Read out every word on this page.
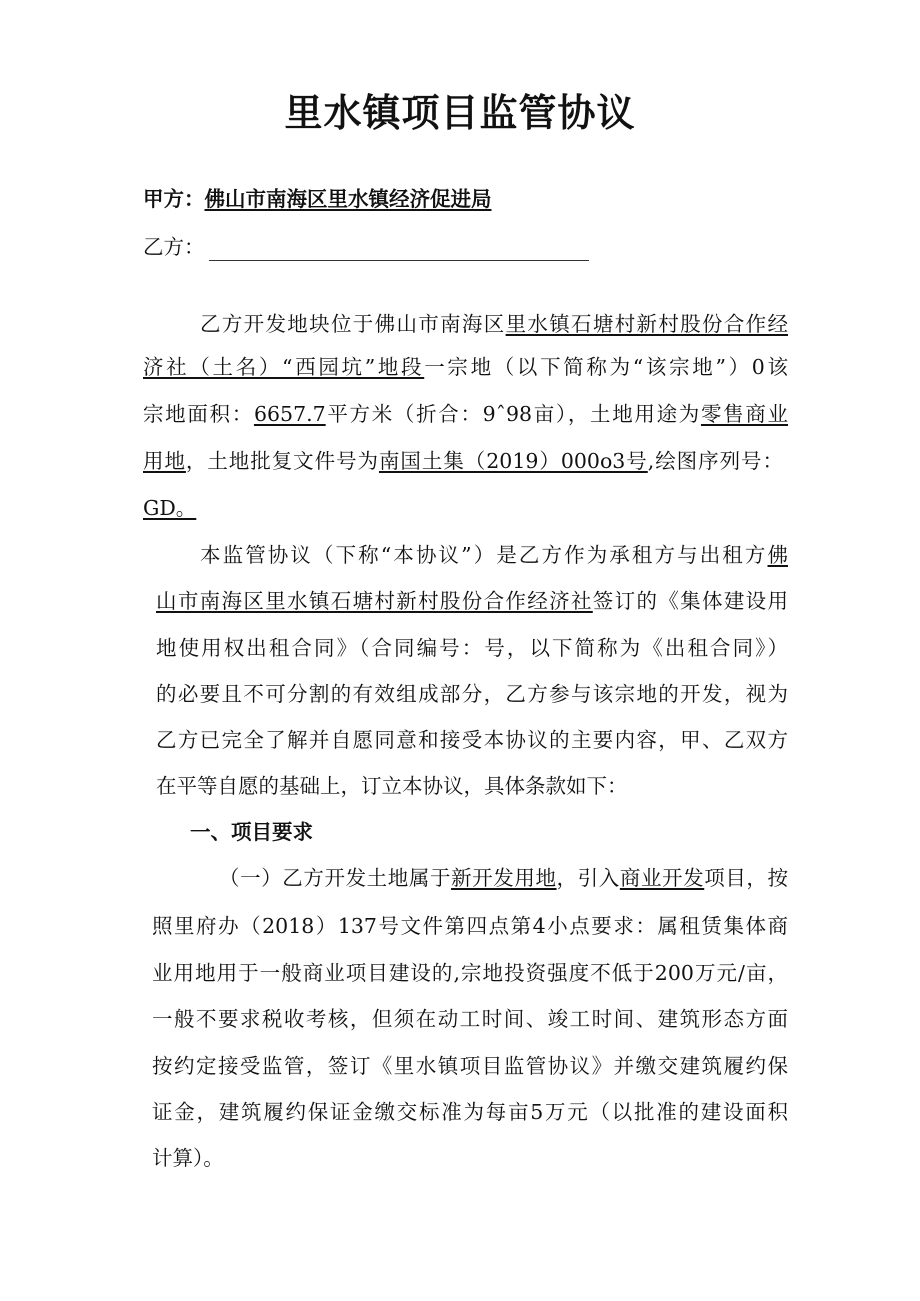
里水镇项目监管协议
甲方：佛山市南海区里水镇经济促进局
乙方：
乙方开发地块位于佛山市南海区里水镇石塘村新村股份合作经
济社（土名）“西园坑”地段一宗地（以下简称为“该宗地”）0该
宗地面积：6657.7平方米（折合：9ˆ98亩），土地用途为零售商业
用地，土地批复文件号为南国土集（2019）000o3号,绘图序列号：
GD。
本监管协议（下称“本协议”）是乙方作为承租方与出租方佛
山市南海区里水镇石塘村新村股份合作经济社签订的《集体建设用
地使用权出租合同》（合同编号：号，以下简称为《出租合同》）
的必要且不可分割的有效组成部分，乙方参与该宗地的开发，视为
乙方已完全了解并自愿同意和接受本协议的主要内容，甲、乙双方
在平等自愿的基础上，订立本协议，具体条款如下：
一、项目要求
（一）乙方开发土地属于新开发用地，引入商业开发项目，按
照里府办（2018）137号文件第四点第4小点要求：属租赁集体商
业用地用于一般商业项目建设的,宗地投资强度不低于200万元/亩，
一般不要求税收考核，但须在动工时间、竣工时间、建筑形态方面
按约定接受监管，签订《里水镇项目监管协议》并缴交建筑履约保
证金，建筑履约保证金缴交标准为每亩5万元（以批准的建设面积
计算）。
